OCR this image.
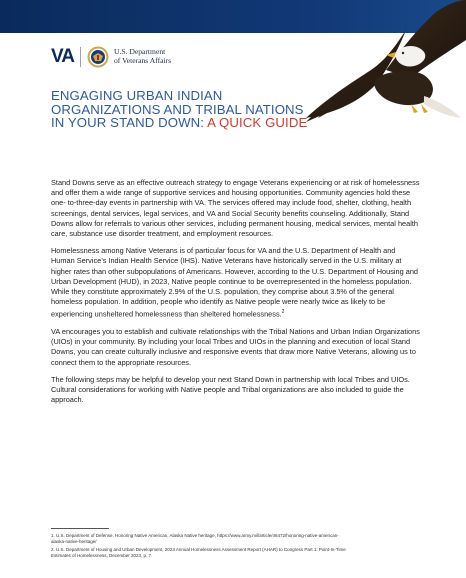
VA	U.S. Department
of Veterans Affairs
ENGAGING URBAN INDIAN ORGANIZATIONS AND TRIBAL NATIONS IN YOUR STAND DOWN: A QUICK GUIDE

Stand Downs serve as an effective outreach strategy to engage Veterans experiencing or at risk of homelessness and offer them a wide range of supportive services and housing opportunities. Community agencies hold these one- to-three-day events in partnership with VA. The services offered may include food, shelter, clothing, health screenings, dental services, legal services, and VA and Social Security benefits counseling. Additionally, Stand Downs allow for referrals to various other services, including permanent housing, medical services, mental health care, substance use disorder treatment, and employment resources.

Homelessness among Native Veterans is of particular focus for VA and the U.S. Department of Health and Human Service’s Indian Health Service (IHS). Native Veterans have historically served in the U.S. military at higher rates than other subpopulations of Americans. However, according to the U.S. Department of Housing and Urban Development (HUD), in 2023, Native people continue to be overrepresented in the homeless population. While they constitute approximately 2.9% of the U.S. population, they comprise about 3.5% of the general homeless population. In addition, people who identify as Native people were nearly twice as likely to be experiencing unsheltered homelessness than sheltered homelessness.$^2$

VA encourages you to establish and cultivate relationships with the Tribal Nations and Urban Indian Organizations (UIOs) in your community. By including your local Tribes and UIOs in the planning and execution of local Stand Downs, you can create culturally inclusive and responsive events that draw more Native Veterans, allowing us to connect them to the appropriate resources.

The following steps may be helpful to develop your next Stand Down in partnership with local Tribes and UIOs. Cultural considerations for working with Native people and Tribal organizations are also included to guide the approach.

1. U.S. Department of Defense, Honoring Native American, Alaska Native heritage, https://www.army.mil/article/46472/honoring-native-american-alaska-native-heritage/
2. U.S. Department of Housing and Urban Development, 2023 Annual Homelessness Assessment Report (AHAR) to Congress Part 1: Point-In-Time Estimates of Homelessness, December 2023, p. 7.
